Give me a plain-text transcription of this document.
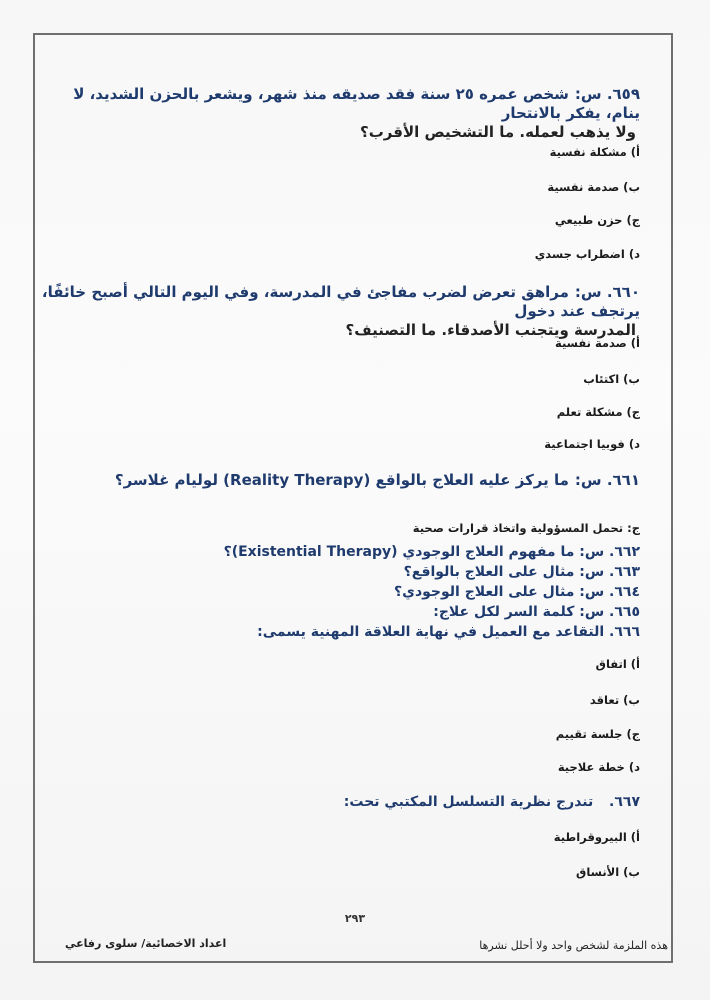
٦٥٩. س:شخص عمره ٢٥ سنة فقد صديقه منذ شهر، ويشعر بالحزن الشديد، لا ينام، يفكر بالانتحار

ولا يذهب لعمله. ما التشخيص الأقرب؟

أ) مشكلة نفسية

ب) صدمة نفسية

ج) حزن طبيعي

د) اضطراب جسدي

٦٦٠. س:مراهق تعرض لضرب مفاجئ في المدرسة، وفي اليوم التالي أصبح خائفًا، يرتجف عند دخول

المدرسة ويتجنب الأصدقاء. ما التصنيف؟

أ) صدمة نفسية

ب) اكتئاب

ج) مشكلة تعلم

د) فوبيا اجتماعية

٦٦١. س:ما يركز عليه العلاج بالواقع (Reality Therapy) لوليام غلاسر؟

ج: تحمل المسؤولية واتخاذ قرارات صحية

٦٦٢. س: ما مفهوم العلاج الوجودي (Existential Therapy)؟
٦٦٣. س: مثال على العلاج بالواقع؟
٦٦٤. س: مثال على العلاج الوجودي؟
٦٦٥. س: كلمة السر لكل علاج:
٦٦٦. التقاعد مع العميل في نهاية العلاقة المهنية يسمى:

أ) اتفاق

ب) تعاقد

ج) جلسة تقييم

د) خطة علاجية

٦٦٧.  تندرج نظرية التسلسل المكتبي تحت:

أ) البيروقراطية

ب) الأنساق

٢٩٣
اعداد الاخصائية/ سلوى رفاعي	هذه الملزمة لشخص واحد ولا أحلل نشرها
